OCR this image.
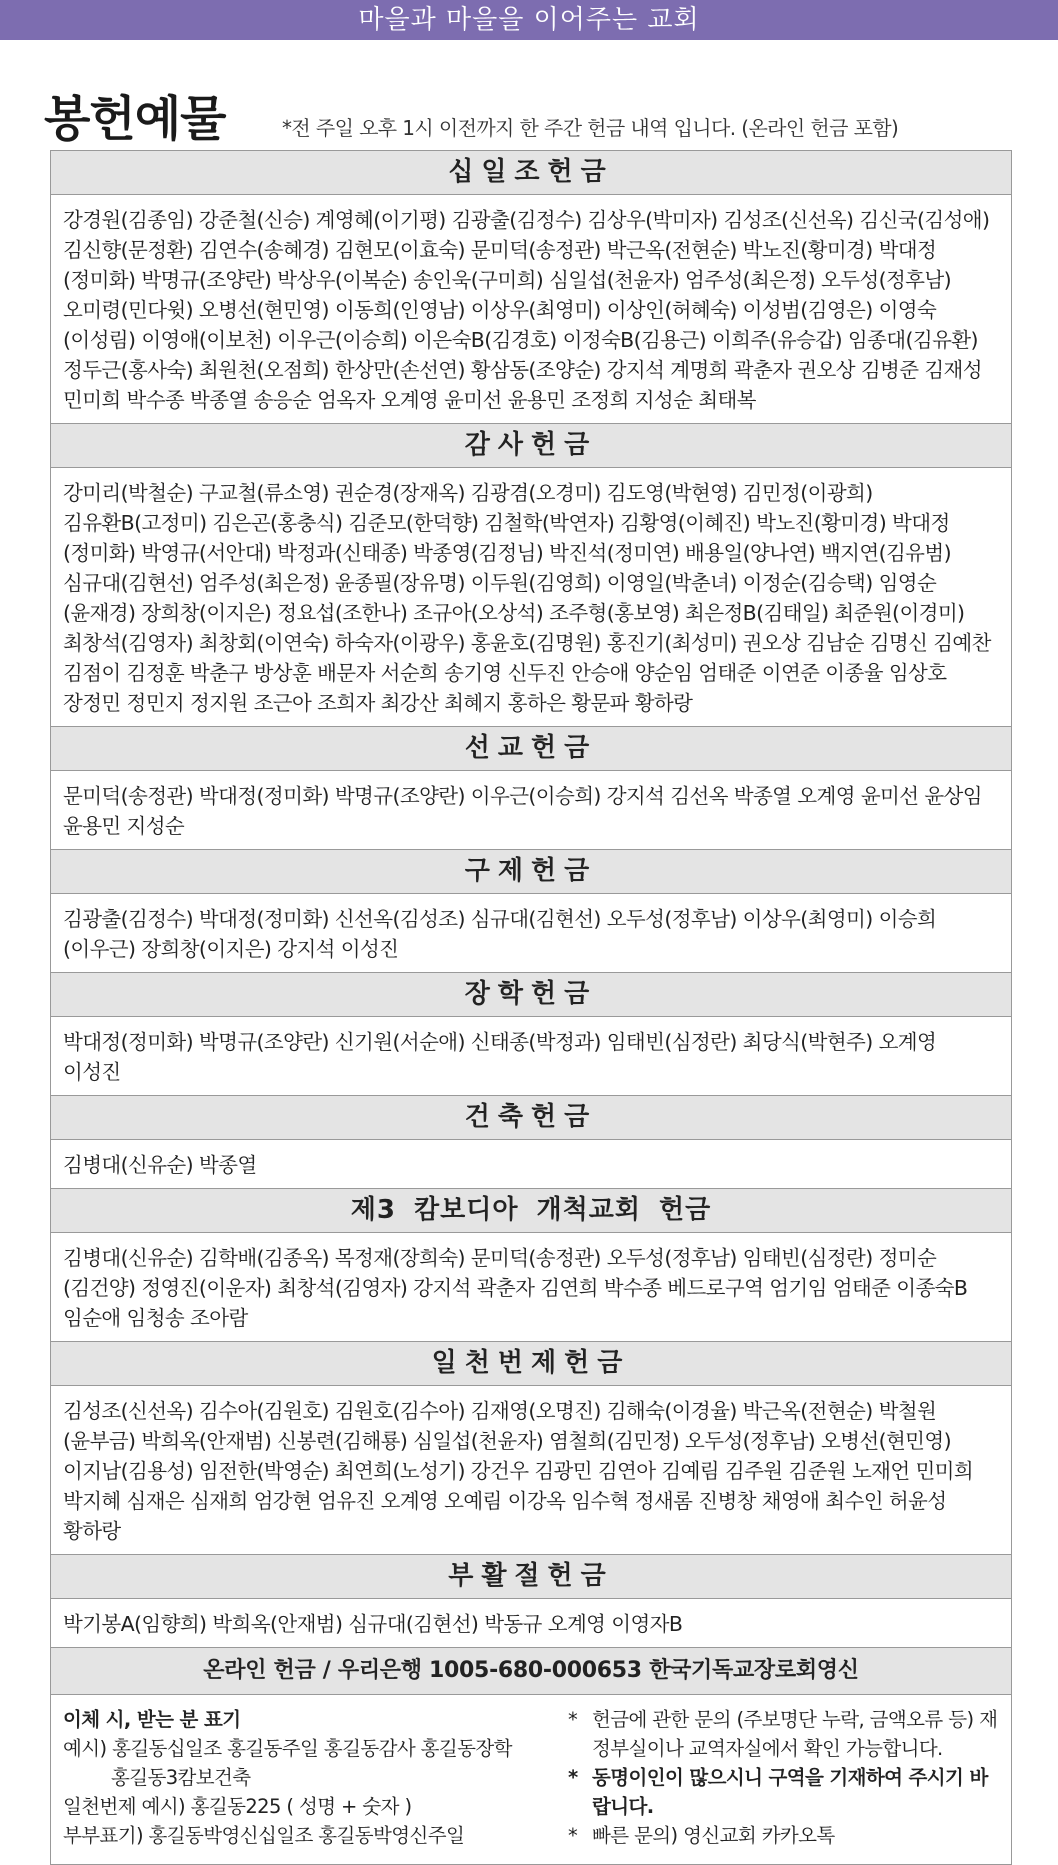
마을과 마을을 이어주는 교회
봉헌예물	*전 주일 오후 1시 이전까지 한 주간 헌금 내역 입니다. (온라인 헌금 포함)
십일조헌금
강경원(김종임) 강준철(신승) 계영혜(이기평) 김광출(김정수) 김상우(박미자) 김성조(신선옥) 김신국(김성애) 김신향(문정환) 김연수(송혜경) 김현모(이효숙) 문미덕(송정관) 박근옥(전현순) 박노진(황미경) 박대정(정미화) 박명규(조양란) 박상우(이복순) 송인욱(구미희) 심일섭(천윤자) 엄주성(최은정) 오두성(정후남) 오미령(민다윗) 오병선(현민영) 이동희(인영남) 이상우(최영미) 이상인(허혜숙) 이성범(김영은) 이영숙(이성림) 이영애(이보천) 이우근(이승희) 이은숙B(김경호) 이정숙B(김용근) 이희주(유승갑) 임종대(김유환) 정두근(홍사숙) 최원천(오점희) 한상만(손선연) 황삼동(조양순) 강지석 계명희 곽춘자 권오상 김병준 김재성 민미희 박수종 박종열 송응순 엄옥자 오계영 윤미선 윤용민 조정희 지성순 최태복
감사헌금
강미리(박철순) 구교철(류소영) 권순경(장재옥) 김광겸(오경미) 김도영(박현영) 김민정(이광희) 김유환B(고정미) 김은곤(홍충식) 김준모(한덕향) 김철학(박연자) 김황영(이혜진) 박노진(황미경) 박대정(정미화) 박영규(서안대) 박정과(신태종) 박종영(김정님) 박진석(정미연) 배용일(양나연) 백지연(김유범) 심규대(김현선) 엄주성(최은정) 윤종필(장유명) 이두원(김영희) 이영일(박춘녀) 이정순(김승택) 임영순(윤재경) 장희창(이지은) 정요섭(조한나) 조규아(오상석) 조주형(홍보영) 최은정B(김태일) 최준원(이경미) 최창석(김영자) 최창회(이연숙) 하숙자(이광우) 홍윤호(김명원) 홍진기(최성미) 권오상 김남순 김명신 김예찬 김점이 김정훈 박춘구 방상훈 배문자 서순희 송기영 신두진 안승애 양순임 엄태준 이연준 이종율 임상호 장정민 정민지 정지원 조근아 조희자 최강산 최혜지 홍하은 황문파 황하랑
선교헌금
문미덕(송정관) 박대정(정미화) 박명규(조양란) 이우근(이승희) 강지석 김선옥 박종열 오계영 윤미선 윤상임 윤용민 지성순
구제헌금
김광출(김정수) 박대정(정미화) 신선옥(김성조) 심규대(김현선) 오두성(정후남) 이상우(최영미) 이승희(이우근) 장희창(이지은) 강지석 이성진
장학헌금
박대정(정미화) 박명규(조양란) 신기원(서순애) 신태종(박정과) 임태빈(심정란) 최당식(박현주) 오계영 이성진
건축헌금
김병대(신유순) 박종열
제3 캄보디아 개척교회 헌금
김병대(신유순) 김학배(김종옥) 목정재(장희숙) 문미덕(송정관) 오두성(정후남) 임태빈(심정란) 정미순(김건양) 정영진(이운자) 최창석(김영자) 강지석 곽춘자 김연희 박수종 베드로구역 엄기임 엄태준 이종숙B 임순애 임청송 조아람
일천번제헌금
김성조(신선옥) 김수아(김원호) 김원호(김수아) 김재영(오명진) 김해숙(이경율) 박근옥(전현순) 박철원(윤부금) 박희옥(안재범) 신봉련(김해룡) 심일섭(천윤자) 염철희(김민정) 오두성(정후남) 오병선(현민영) 이지남(김용성) 임전한(박영순) 최연희(노성기) 강건우 김광민 김연아 김예림 김주원 김준원 노재언 민미희 박지혜 심재은 심재희 엄강현 엄유진 오계영 오예림 이강옥 임수혁 정새롬 진병창 채영애 최수인 허윤성 황하랑
부활절헌금
박기봉A(임향희) 박희옥(안재범) 심규대(김현선) 박동규 오계영 이영자B
온라인 헌금 / 우리은행 1005-680-000653 한국기독교장로회영신
이체 시, 받는 분 표기
예시) 홍길동십일조 홍길동주일 홍길동감사 홍길동장학
홍길동3캄보건축
일천번제 예시) 홍길동225 ( 성명 + 숫자 )
부부표기) 홍길동박영신십일조 홍길동박영신주일
* 헌금에 관한 문의 (주보명단 누락, 금액오류 등) 재정부실이나 교역자실에서 확인 가능합니다.
* 동명이인이 많으시니 구역을 기재하여 주시기 바랍니다.
* 빠른 문의) 영신교회 카카오톡
